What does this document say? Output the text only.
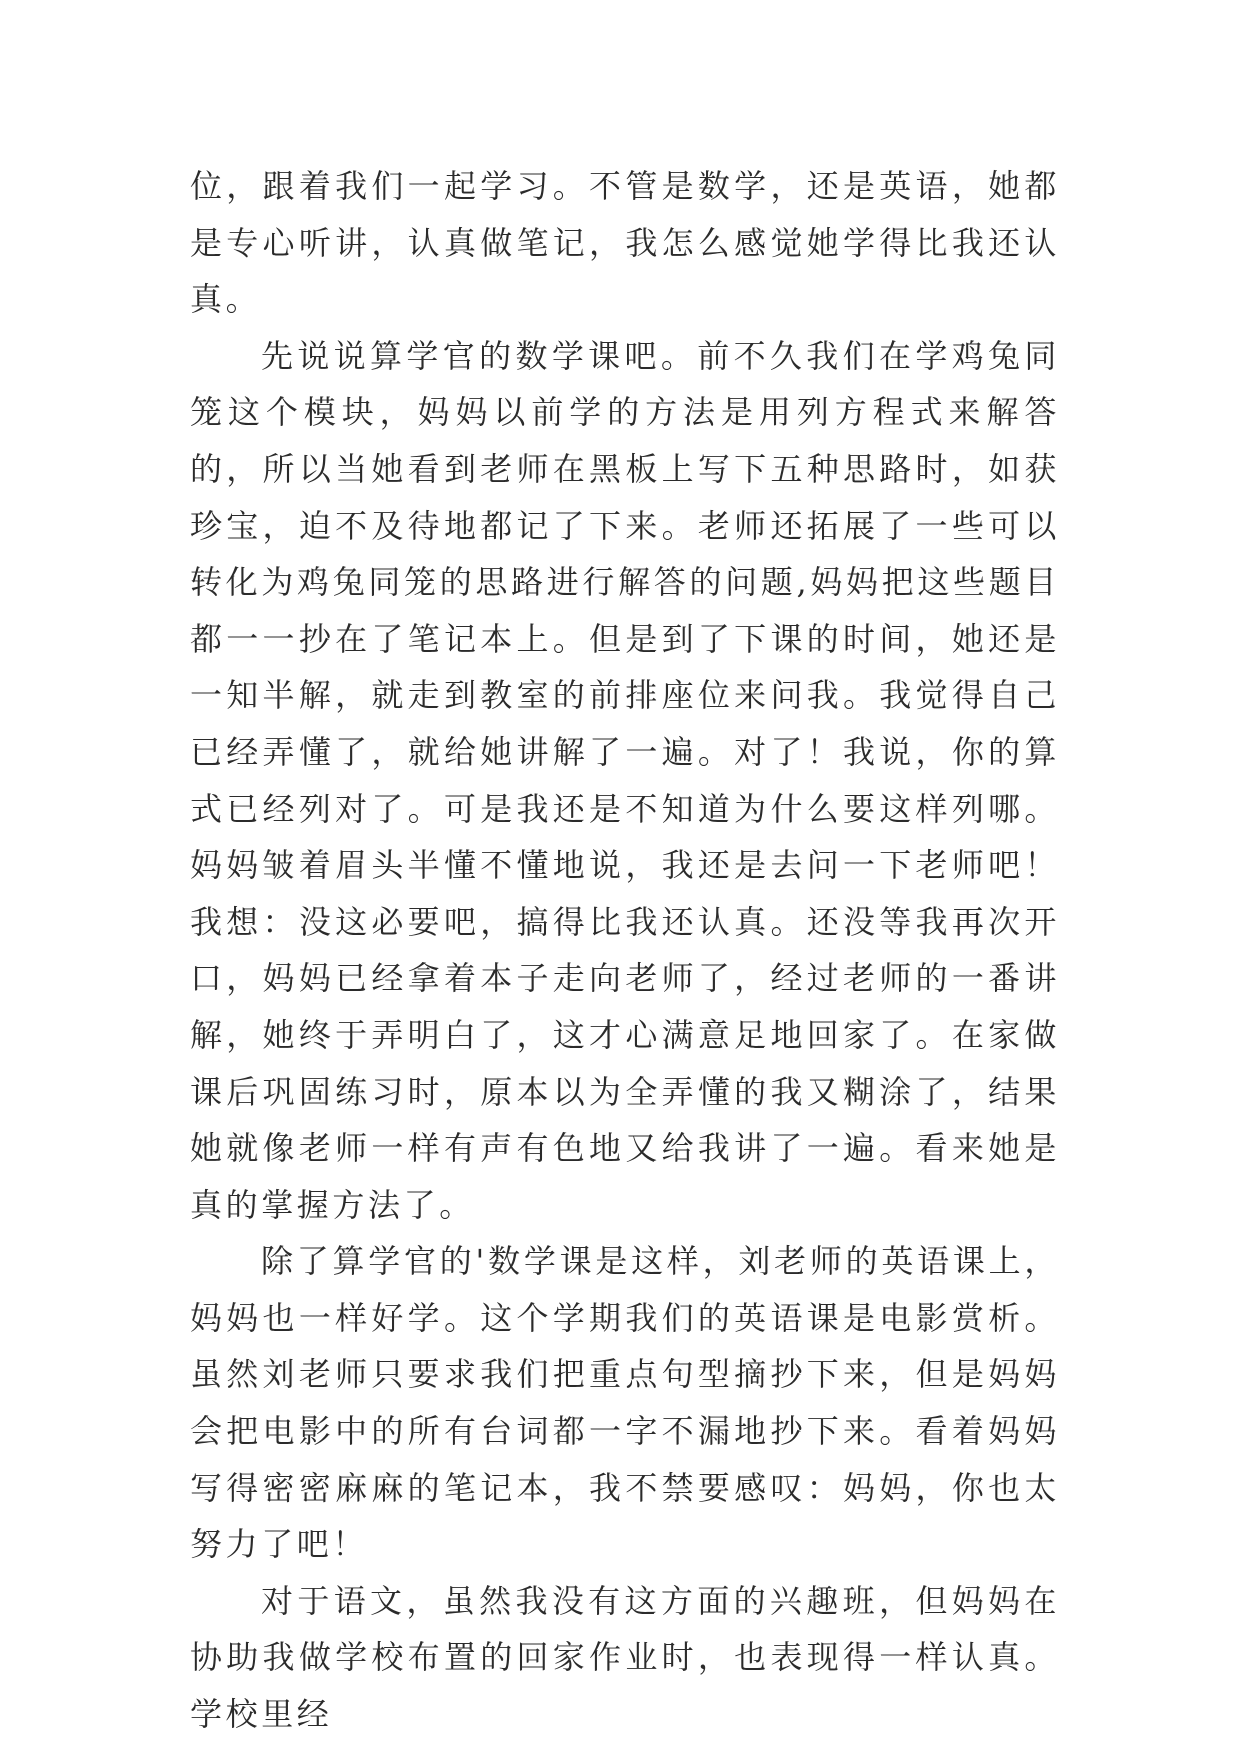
位，跟着我们一起学习。不管是数学，还是英语，她都是专心听讲，认真做笔记，我怎么感觉她学得比我还认真。

先说说算学官的数学课吧。前不久我们在学鸡兔同笼这个模块，妈妈以前学的方法是用列方程式来解答的，所以当她看到老师在黑板上写下五种思路时，如获珍宝，迫不及待地都记了下来。老师还拓展了一些可以转化为鸡兔同笼的思路进行解答的问题,妈妈把这些题目都一一抄在了笔记本上。但是到了下课的时间，她还是一知半解，就走到教室的前排座位来问我。我觉得自己已经弄懂了，就给她讲解了一遍。对了！我说，你的算式已经列对了。可是我还是不知道为什么要这样列哪。妈妈皱着眉头半懂不懂地说，我还是去问一下老师吧！我想：没这必要吧，搞得比我还认真。还没等我再次开口，妈妈已经拿着本子走向老师了，经过老师的一番讲解，她终于弄明白了，这才心满意足地回家了。在家做课后巩固练习时，原本以为全弄懂的我又糊涂了，结果她就像老师一样有声有色地又给我讲了一遍。看来她是真的掌握方法了。

除了算学官的'数学课是这样，刘老师的英语课上，妈妈也一样好学。这个学期我们的英语课是电影赏析。虽然刘老师只要求我们把重点句型摘抄下来，但是妈妈会把电影中的所有台词都一字不漏地抄下来。看着妈妈写得密密麻麻的笔记本，我不禁要感叹：妈妈，你也太努力了吧！

对于语文，虽然我没有这方面的兴趣班，但妈妈在协助我做学校布置的回家作业时，也表现得一样认真。学校里经
